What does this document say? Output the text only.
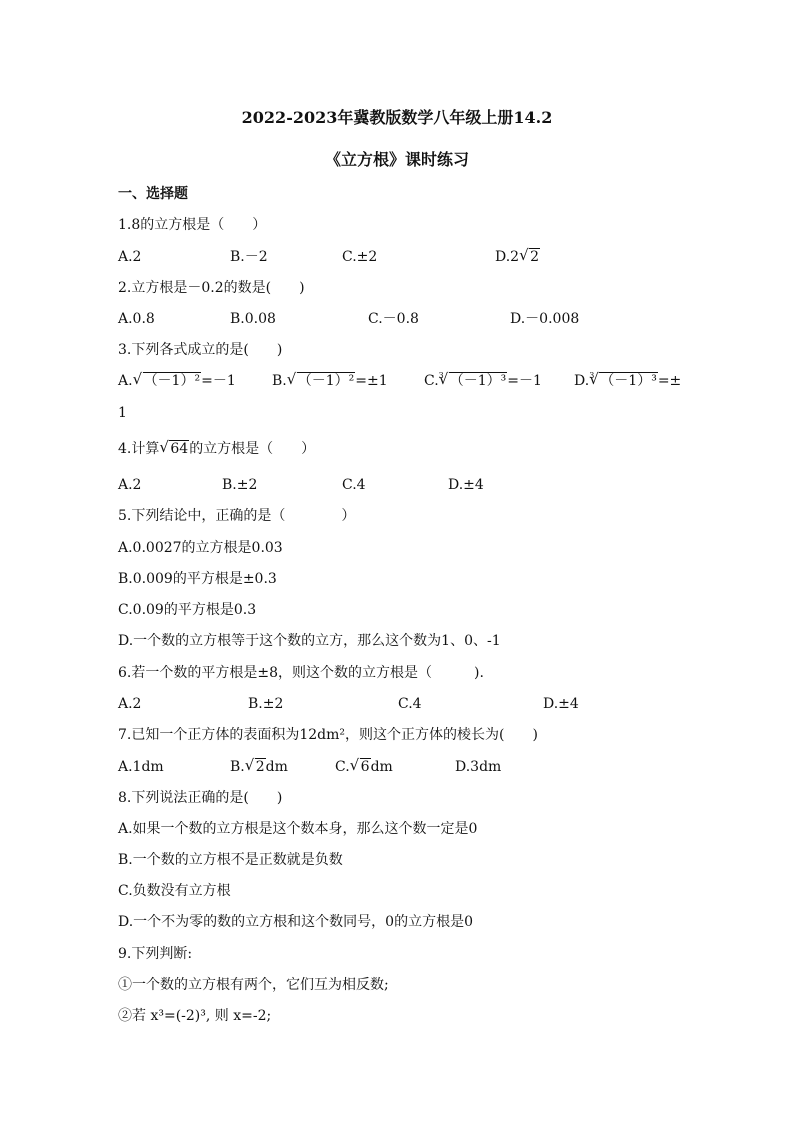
2022-2023年冀教版数学八年级上册14.2
《立方根》课时练习
一、选择题
1.8的立方根是（　　）
A.2	B.－2	C.±2	D.2 √ 2
2.立方根是－0.2的数是(　　)
A.0.8	B.0.08	C.－0.8	D.－0.008
3.下列各式成立的是(　　)
A. √ （－1）²=－1	B. √ （－1）²=±1	C.$^3$ √ （－1）³=－1 D.$^3$ √ （－1）³=±
1
4.计算 √ 64的立方根是（　　）
A.2	B.±2	C.4	D.±4
5.下列结论中，正确的是（　　　　）
A.0.0027的立方根是0.03
B.0.009的平方根是±0.3
C.0.09的平方根是0.3
D.一个数的立方根等于这个数的立方，那么这个数为1、0、-1
6.若一个数的平方根是±8，则这个数的立方根是（　　　).
A.2	B.±2	C.4	D.±4
7.已知一个正方体的表面积为12dm²，则这个正方体的棱长为(　　)
A.1dm	B. √ 2dm	C. √ 6dm	D.3dm
8.下列说法正确的是(　　)
A.如果一个数的立方根是这个数本身，那么这个数一定是0
B.一个数的立方根不是正数就是负数
C.负数没有立方根
D.一个不为零的数的立方根和这个数同号，0的立方根是0
9.下列判断:
①一个数的立方根有两个，它们互为相反数;
②若 x³=(-2)³, 则 x=-2;
